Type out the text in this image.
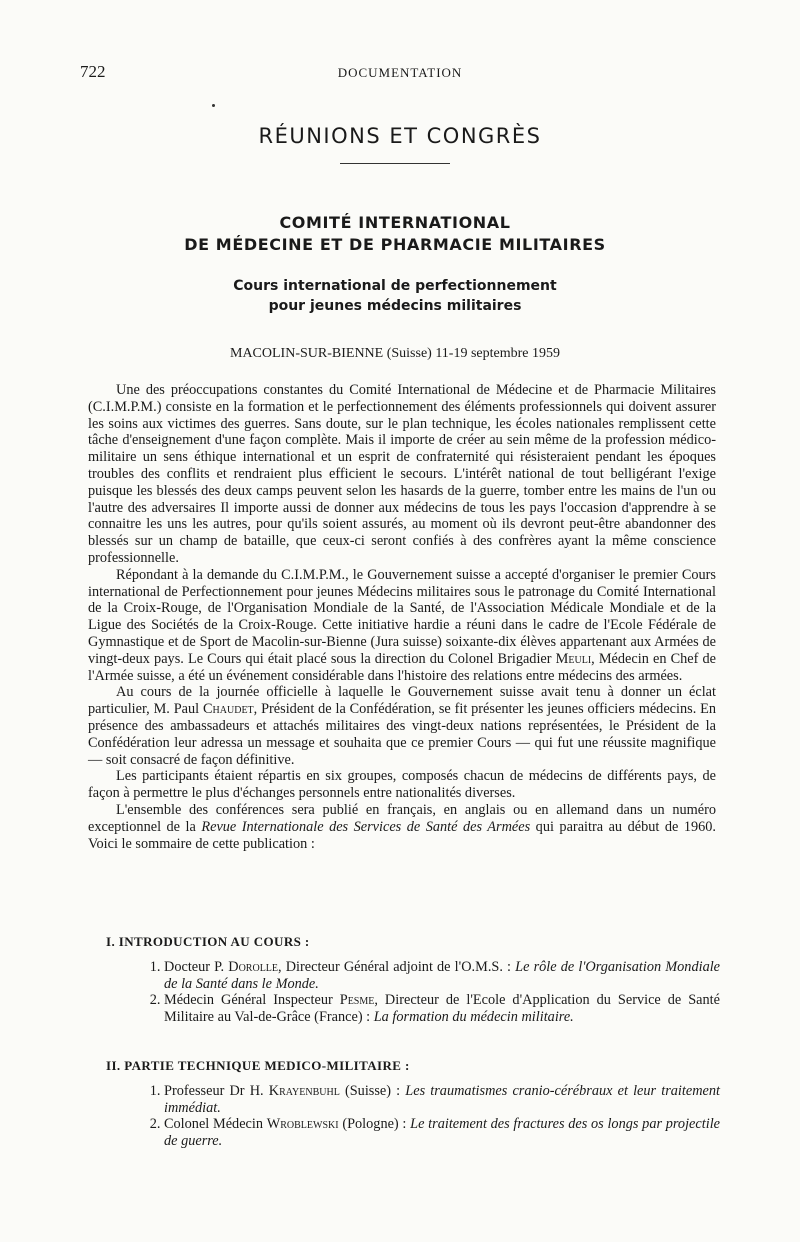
722	DOCUMENTATION
RÉUNIONS ET CONGRÈS
COMITÉ INTERNATIONAL
DE MÉDECINE ET DE PHARMACIE MILITAIRES
Cours international de perfectionnement
pour jeunes médecins militaires
MACOLIN-SUR-BIENNE (Suisse) 11-19 septembre 1959

Une des préoccupations constantes du Comité International de Médecine et de Pharmacie Militaires (C.I.M.P.M.) consiste en la formation et le perfectionnement des éléments professionnels qui doivent assurer les soins aux victimes des guerres. Sans doute, sur le plan technique, les écoles nationales remplissent cette tâche d'enseignement d'une façon complète. Mais il importe de créer au sein même de la profession médico-militaire un sens éthique international et un esprit de confraternité qui résisteraient pendant les époques troubles des conflits et rendraient plus efficient le secours. L'intérêt national de tout belligérant l'exige puisque les blessés des deux camps peuvent selon les hasards de la guerre, tomber entre les mains de l'un ou l'autre des adversaires Il importe aussi de donner aux médecins de tous les pays l'occasion d'apprendre à se connaitre les uns les autres, pour qu'ils soient assurés, au moment où ils devront peut-être abandonner des blessés sur un champ de bataille, que ceux-ci seront confiés à des confrères ayant la même conscience professionnelle.

Répondant à la demande du C.I.M.P.M., le Gouvernement suisse a accepté d'organiser le premier Cours international de Perfectionnement pour jeunes Médecins militaires sous le patronage du Comité International de la Croix-Rouge, de l'Organisation Mondiale de la Santé, de l'Association Médicale Mondiale et de la Ligue des Sociétés de la Croix-Rouge. Cette initiative hardie a réuni dans le cadre de l'Ecole Fédérale de Gymnastique et de Sport de Macolin-sur-Bienne (Jura suisse) soixante-dix élèves appartenant aux Armées de vingt-deux pays. Le Cours qui était placé sous la direction du Colonel Brigadier Meuli, Médecin en Chef de l'Armée suisse, a été un événement considérable dans l'histoire des relations entre médecins des armées.

Au cours de la journée officielle à laquelle le Gouvernement suisse avait tenu à donner un éclat particulier, M. Paul Chaudet, Président de la Confédération, se fit présenter les jeunes officiers médecins. En présence des ambassadeurs et attachés militaires des vingt-deux nations représentées, le Président de la Confédération leur adressa un message et souhaita que ce premier Cours — qui fut une réussite magnifique — soit consacré de façon définitive.

Les participants étaient répartis en six groupes, composés chacun de médecins de différents pays, de façon à permettre le plus d'échanges personnels entre nationalités diverses.

L'ensemble des conférences sera publié en français, en anglais ou en allemand dans un numéro exceptionnel de la Revue Internationale des Services de Santé des Armées qui paraitra au début de 1960. Voici le sommaire de cette publication :

I. INTRODUCTION AU COURS :
1. Docteur P. Dorolle, Directeur Général adjoint de l'O.M.S. : Le rôle de l'Organisation Mondiale de la Santé dans le Monde.
2. Médecin Général Inspecteur Pesme, Directeur de l'Ecole d'Application du Service de Santé Militaire au Val-de-Grâce (France) : La formation du médecin militaire.
II. PARTIE TECHNIQUE MEDICO-MILITAIRE :
1. Professeur Dr H. Krayenbuhl (Suisse) : Les traumatismes cranio-cérébraux et leur traitement immédiat.
2. Colonel Médecin Wroblewski (Pologne) : Le traitement des fractures des os longs par projectile de guerre.
